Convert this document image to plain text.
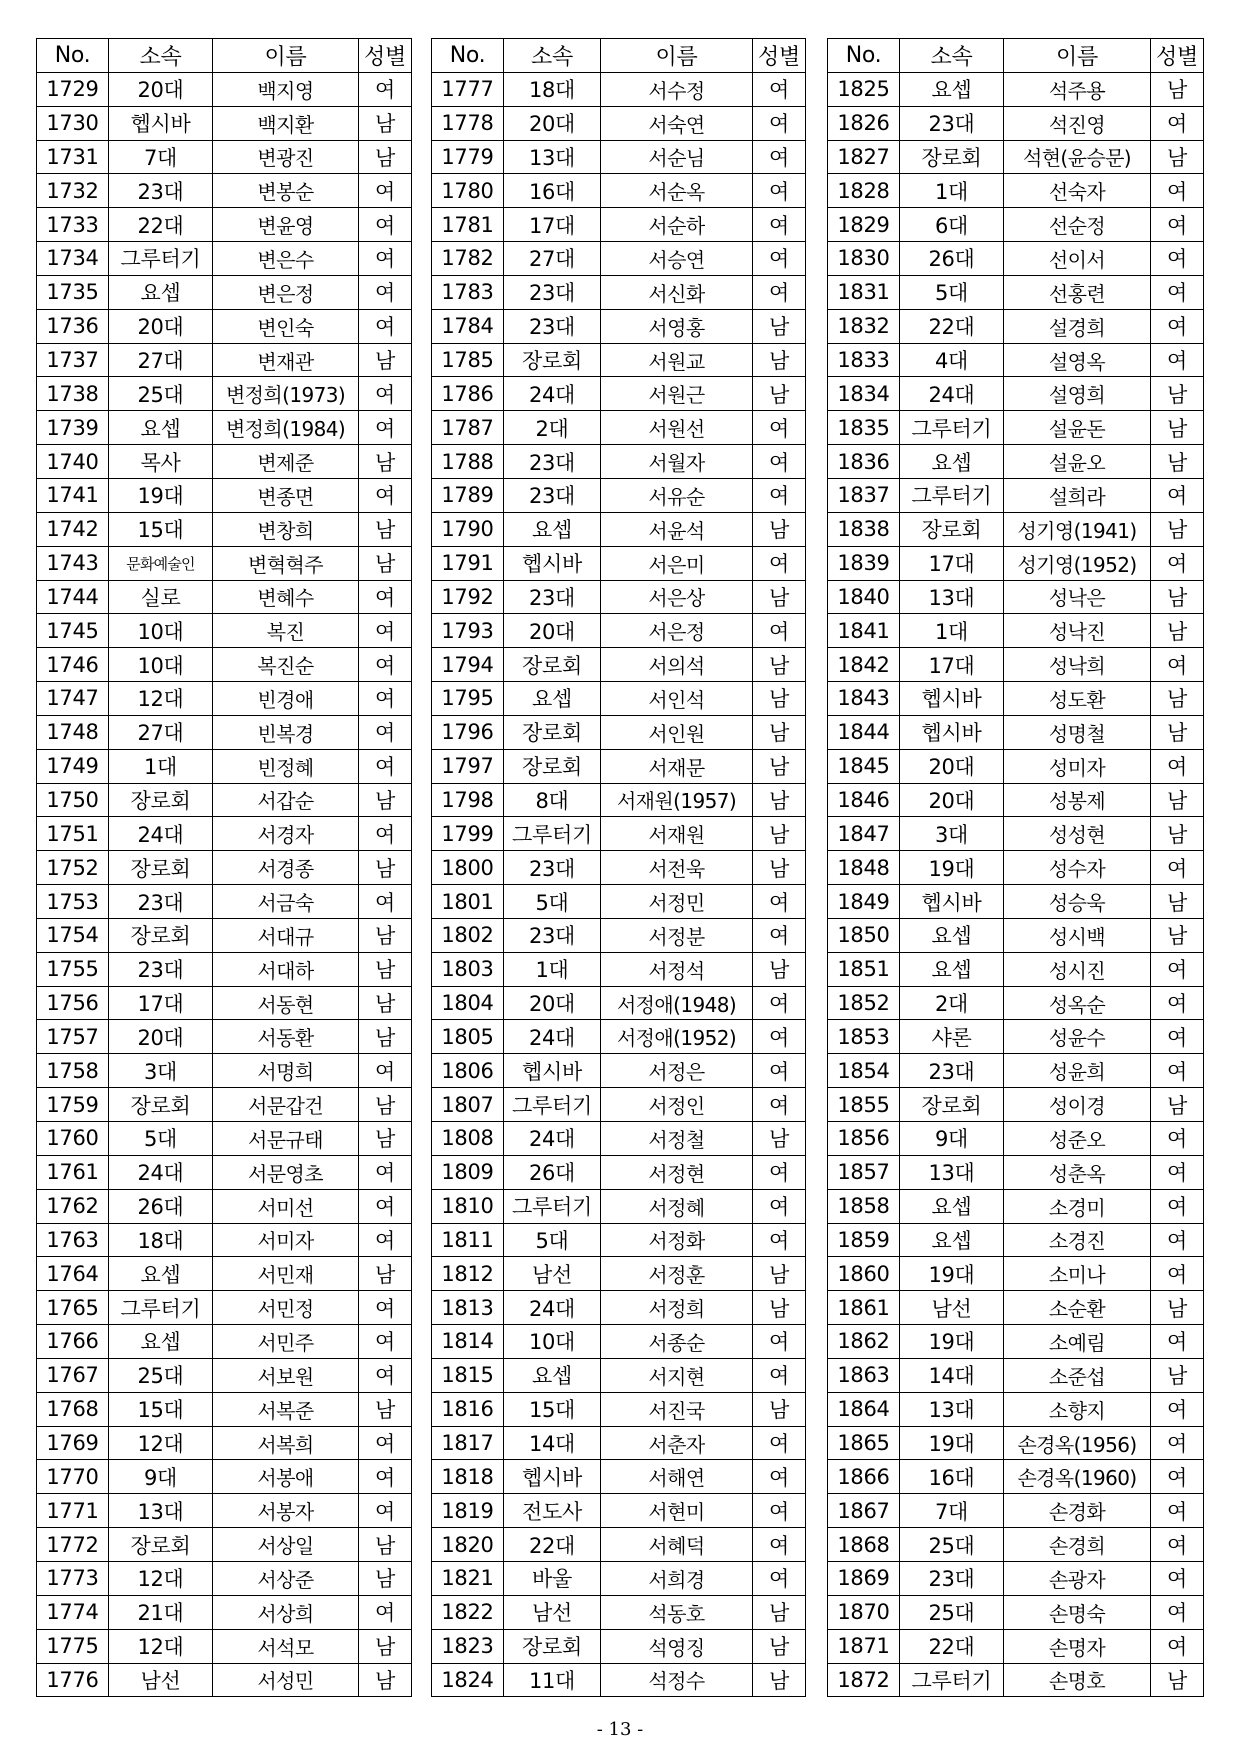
No.	소속	이름	성별
1729	20대	백지영	여
1730	헵시바	백지환	남
1731	7대	변광진	남
1732	23대	변봉순	여
1733	22대	변윤영	여
1734	그루터기	변은수	여
1735	요셉	변은정	여
1736	20대	변인숙	여
1737	27대	변재관	남
1738	25대	변정희(1973)	여
1739	요셉	변정희(1984)	여
1740	목사	변제준	남
1741	19대	변종면	여
1742	15대	변창희	남
1743	문화예술인	변혁혁주	남
1744	실로	변혜수	여
1745	10대	복진	여
1746	10대	복진순	여
1747	12대	빈경애	여
1748	27대	빈복경	여
1749	1대	빈정혜	여
1750	장로회	서갑순	남
1751	24대	서경자	여
1752	장로회	서경종	남
1753	23대	서금숙	여
1754	장로회	서대규	남
1755	23대	서대하	남
1756	17대	서동현	남
1757	20대	서동환	남
1758	3대	서명희	여
1759	장로회	서문갑건	남
1760	5대	서문규태	남
1761	24대	서문영초	여
1762	26대	서미선	여
1763	18대	서미자	여
1764	요셉	서민재	남
1765	그루터기	서민정	여
1766	요셉	서민주	여
1767	25대	서보원	여
1768	15대	서복준	남
1769	12대	서복희	여
1770	9대	서봉애	여
1771	13대	서봉자	여
1772	장로회	서상일	남
1773	12대	서상준	남
1774	21대	서상희	여
1775	12대	서석모	남
1776	남선	서성민	남
No.	소속	이름	성별
1777	18대	서수정	여
1778	20대	서숙연	여
1779	13대	서순님	여
1780	16대	서순옥	여
1781	17대	서순하	여
1782	27대	서승연	여
1783	23대	서신화	여
1784	23대	서영홍	남
1785	장로회	서원교	남
1786	24대	서원근	남
1787	2대	서원선	여
1788	23대	서월자	여
1789	23대	서유순	여
1790	요셉	서윤석	남
1791	헵시바	서은미	여
1792	23대	서은상	남
1793	20대	서은정	여
1794	장로회	서의석	남
1795	요셉	서인석	남
1796	장로회	서인원	남
1797	장로회	서재문	남
1798	8대	서재원(1957)	남
1799	그루터기	서재원	남
1800	23대	서전욱	남
1801	5대	서정민	여
1802	23대	서정분	여
1803	1대	서정석	남
1804	20대	서정애(1948)	여
1805	24대	서정애(1952)	여
1806	헵시바	서정은	여
1807	그루터기	서정인	여
1808	24대	서정철	남
1809	26대	서정현	여
1810	그루터기	서정혜	여
1811	5대	서정화	여
1812	남선	서정훈	남
1813	24대	서정희	남
1814	10대	서종순	여
1815	요셉	서지현	여
1816	15대	서진국	남
1817	14대	서춘자	여
1818	헵시바	서해연	여
1819	전도사	서현미	여
1820	22대	서혜덕	여
1821	바울	서희경	여
1822	남선	석동호	남
1823	장로회	석영징	남
1824	11대	석정수	남
No.	소속	이름	성별
1825	요셉	석주용	남
1826	23대	석진영	여
1827	장로회	석현(윤승문)	남
1828	1대	선숙자	여
1829	6대	선순정	여
1830	26대	선이서	여
1831	5대	선홍련	여
1832	22대	설경희	여
1833	4대	설영옥	여
1834	24대	설영희	남
1835	그루터기	설윤돈	남
1836	요셉	설윤오	남
1837	그루터기	설희라	여
1838	장로회	성기영(1941)	남
1839	17대	성기영(1952)	여
1840	13대	성낙은	남
1841	1대	성낙진	남
1842	17대	성낙희	여
1843	헵시바	성도환	남
1844	헵시바	성명철	남
1845	20대	성미자	여
1846	20대	성봉제	남
1847	3대	성성현	남
1848	19대	성수자	여
1849	헵시바	성승욱	남
1850	요셉	성시백	남
1851	요셉	성시진	여
1852	2대	성옥순	여
1853	샤론	성윤수	여
1854	23대	성윤희	여
1855	장로회	성이경	남
1856	9대	성준오	여
1857	13대	성춘옥	여
1858	요셉	소경미	여
1859	요셉	소경진	여
1860	19대	소미나	여
1861	남선	소순환	남
1862	19대	소예림	여
1863	14대	소준섭	남
1864	13대	소향지	여
1865	19대	손경옥(1956)	여
1866	16대	손경옥(1960)	여
1867	7대	손경화	여
1868	25대	손경희	여
1869	23대	손광자	여
1870	25대	손명숙	여
1871	22대	손명자	여
1872	그루터기	손명호	남
- 13 -
